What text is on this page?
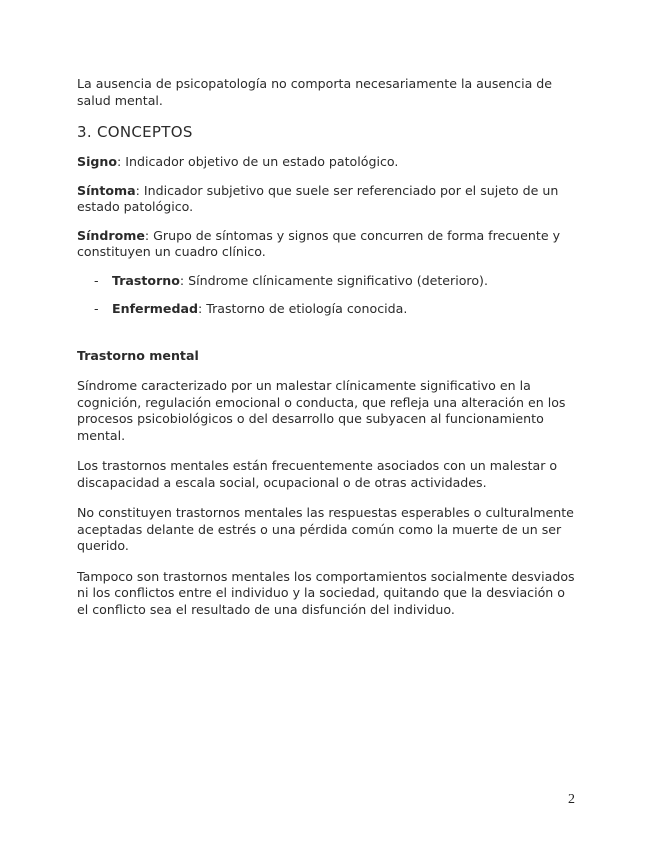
La ausencia de psicopatología no comporta necesariamente la ausencia de salud mental.

3. CONCEPTOS

Signo: Indicador objetivo de un estado patológico.

Síntoma: Indicador subjetivo que suele ser referenciado por el sujeto de un estado patológico.

Síndrome: Grupo de síntomas y signos que concurren de forma frecuente y constituyen un cuadro clínico.

-	Trastorno: Síndrome clínicamente significativo (deterioro).
-	Enfermedad: Trastorno de etiología conocida.

Trastorno mental

Síndrome caracterizado por un malestar clínicamente significativo en la cognición, regulación emocional o conducta, que refleja una alteración en los procesos psicobiológicos o del desarrollo que subyacen al funcionamiento mental.

Los trastornos mentales están frecuentemente asociados con un malestar o discapacidad a escala social, ocupacional o de otras actividades.

No constituyen trastornos mentales las respuestas esperables o culturalmente aceptadas delante de estrés o una pérdida común como la muerte de un ser querido.

Tampoco son trastornos mentales los comportamientos socialmente desviados ni los conflictos entre el individuo y la sociedad, quitando que la desviación o el conflicto sea el resultado de una disfunción del individuo.

2
